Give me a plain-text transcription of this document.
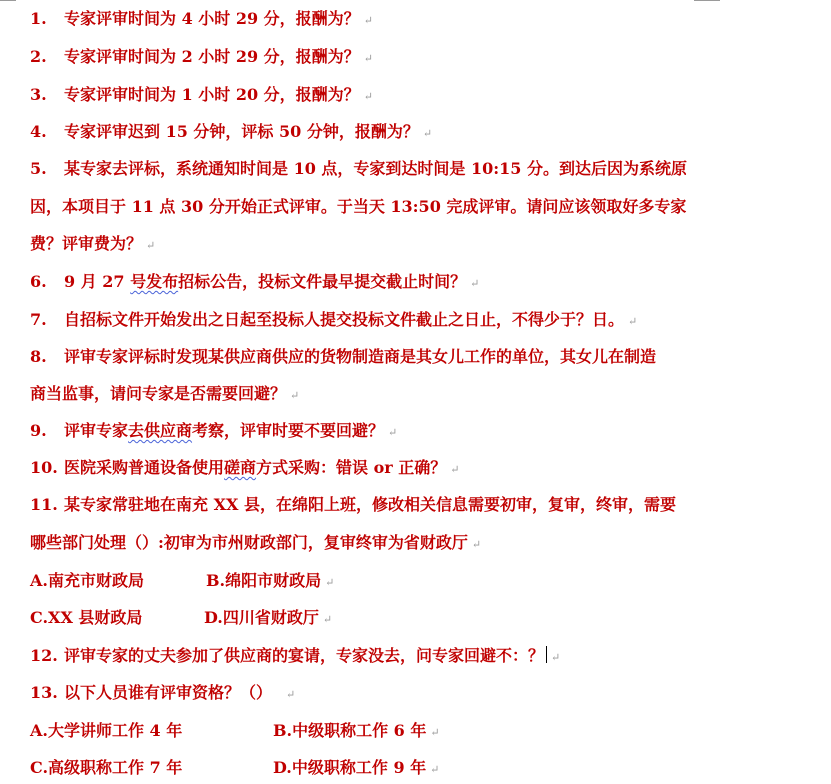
1. 专家评审时间为 4 小时 29 分，报酬为？ ↵
2. 专家评审时间为 2 小时 29 分，报酬为？ ↵
3. 专家评审时间为 1 小时 20 分，报酬为？ ↵
4. 专家评审迟到 15 分钟，评标 50 分钟，报酬为？ ↵
5. 某专家去评标，系统通知时间是 10 点，专家到达时间是 10:15 分。到达后因为系统原
因，本项目于 11 点 30 分开始正式评审。于当天 13:50 完成评审。请问应该领取好多专家
费？评审费为？ ↵
6. 9 月 27 号发布招标公告，投标文件最早提交截止时间？ ↵
7. 自招标文件开始发出之日起至投标人提交投标文件截止之日止，不得少于？日。 ↵
8. 评审专家评标时发现某供应商供应的货物制造商是其女儿工作的单位，其女儿在制造
商当监事，请问专家是否需要回避？ ↵
9. 评审专家去供应商考察，评审时要不要回避？ ↵
10. 医院采购普通设备使用磋商方式采购：错误 or 正确？ ↵
11. 某专家常驻地在南充 XX 县，在绵阳上班，修改相关信息需要初审，复审，终审，需要
哪些部门处理（）:初审为市州财政部门，复审终审为省财政厅 ↵
A.南充市财政局	B.绵阳市财政局 ↵
C.XX 县财政局	D.四川省财政厅 ↵
12. 评审专家的丈夫参加了供应商的宴请，专家没去，问专家回避不：？ ↵
13. 以下人员谁有评审资格？（） ↵
A.大学讲师工作 4 年	B.中级职称工作 6 年 ↵
C.高级职称工作 7 年	D.中级职称工作 9 年 ↵
